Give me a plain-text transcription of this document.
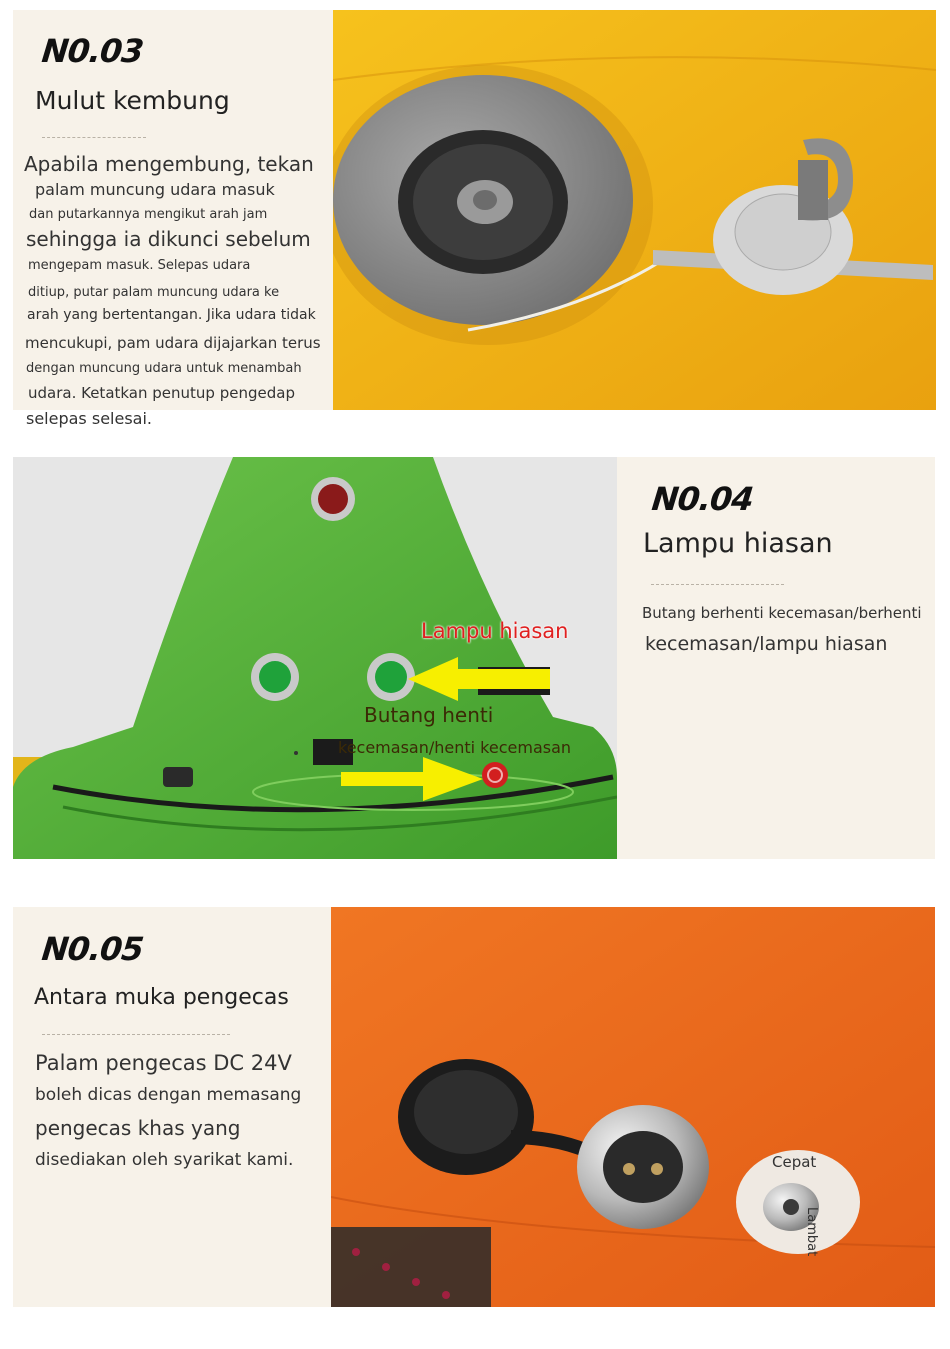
N0.03
Mulut kembung
Apabila mengembung, tekan
palam muncung udara masuk
dan putarkannya mengikut arah jam
sehingga ia dikunci sebelum
mengepam masuk. Selepas udara
ditiup, putar palam muncung udara ke
arah yang bertentangan. Jika udara tidak
mencukupi, pam udara dijajarkan terus
dengan muncung udara untuk menambah
udara. Ketatkan penutup pengedap
selepas selesai.
Lampu hiasan
Butang henti
kecemasan/henti kecemasan
N0.04
Lampu hiasan
Butang berhenti kecemasan/berhenti
kecemasan/lampu hiasan
N0.05
Antara muka pengecas
Palam pengecas DC 24V
boleh dicas dengan memasang
pengecas khas yang
disediakan oleh syarikat kami.	Cepat
Lambat
